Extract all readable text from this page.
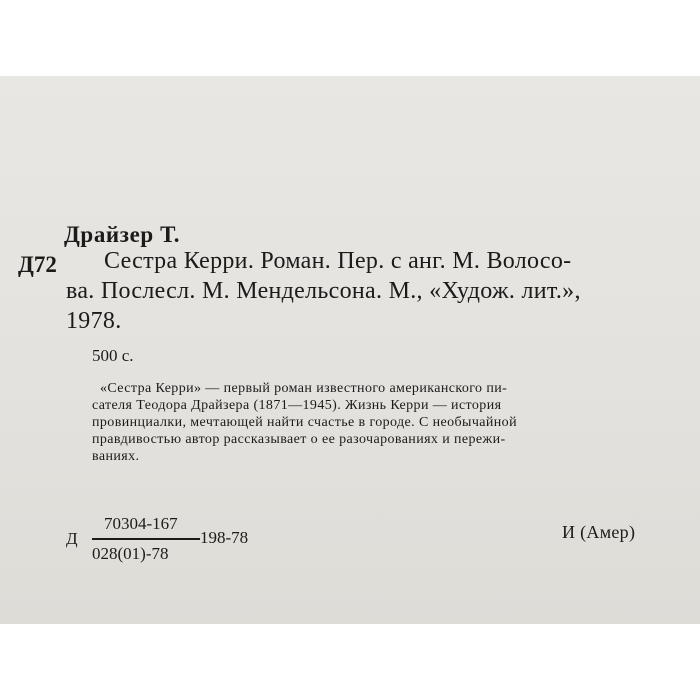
Драйзер Т.
Д72	Сестра Керри. Роман. Пер. с анг. М. Волосо-
ва. Послесл. М. Мендельсона. М., «Худож. лит.»,
1978.
500 с.
«Сестра Керри» — первый роман известного американского пи-
сателя Теодора Драйзера (1871—1945). Жизнь Керри — история
провинциалки, мечтающей найти счастье в городе. С необычайной
правдивостью автор рассказывает о ее разочарованиях и пережи-
ваниях.
Д
70304-167
028(01)-78
198-78	И (Амер)
